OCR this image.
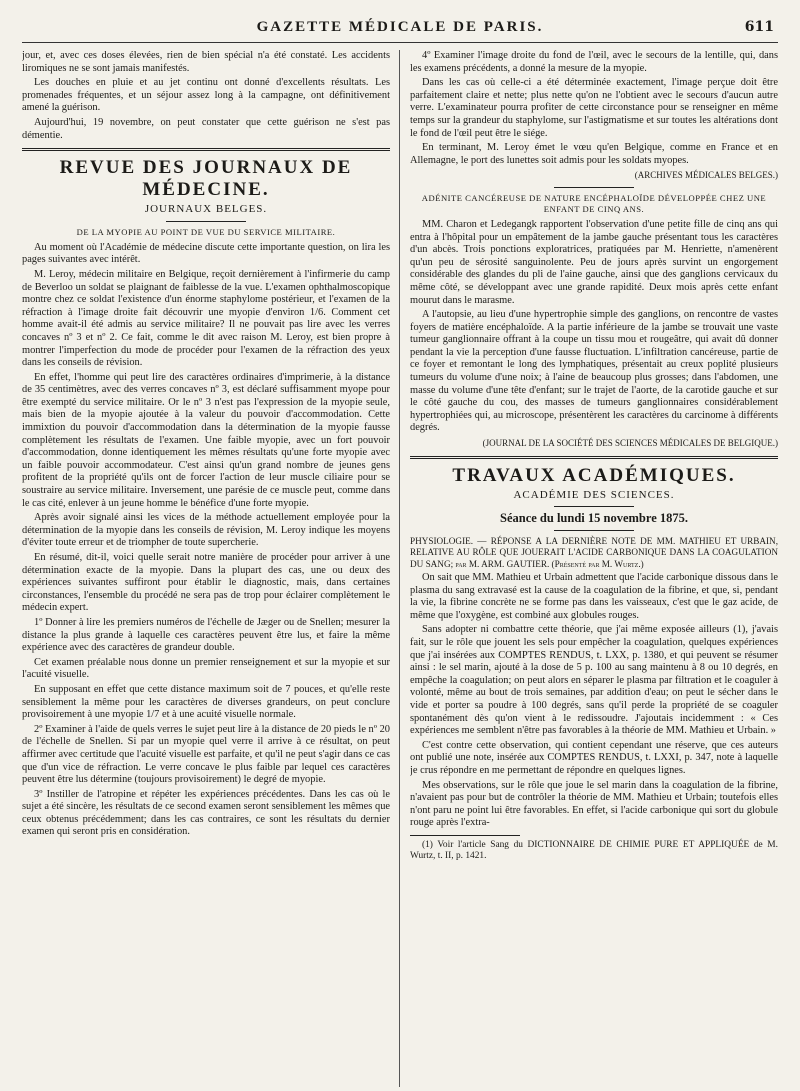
GAZETTE MÉDICALE DE PARIS.	611

jour, et, avec ces doses élevées, rien de bien spécial n'a été constaté. Les accidents liromiques ne se sont jamais manifestés.

Les douches en pluie et au jet continu ont donné d'excellents résultats. Les promenades fréquentes, et un séjour assez long à la campagne, ont définitivement amené la guérison.

Aujourd'hui, 19 novembre, on peut constater que cette guérison ne s'est pas démentie.

REVUE DES JOURNAUX DE MÉDECINE.
JOURNAUX BELGES.
DE LA MYOPIE AU POINT DE VUE DU SERVICE MILITAIRE.

Au moment où l'Académie de médecine discute cette importante question, on lira les pages suivantes avec intérêt.

M. Leroy, médecin militaire en Belgique, reçoit dernièrement à l'infirmerie du camp de Beverloo un soldat se plaignant de faiblesse de la vue. L'examen ophthalmoscopique montre chez ce soldat l'existence d'un énorme staphylome postérieur, et l'examen de la réfraction à l'image droite fait découvrir une myopie d'environ 1/6. Comment cet homme avait-il été admis au service militaire? Il ne pouvait pas lire avec les verres concaves nº 3 et nº 2. Ce fait, comme le dit avec raison M. Leroy, est bien propre à montrer l'imperfection du mode de procéder pour l'examen de la réfraction des yeux dans les conseils de révision.

En effet, l'homme qui peut lire des caractères ordinaires d'imprimerie, à la distance de 35 centimètres, avec des verres concaves nº 3, est déclaré suffisamment myope pour être exempté du service militaire. Or le nº 3 n'est pas l'expression de la myopie seule, mais bien de la myopie ajoutée à la valeur du pouvoir d'accommodation. Cette immixtion du pouvoir d'accommodation dans la détermination de la myopie fausse complètement les résultats de l'examen. Une faible myopie, avec un fort pouvoir d'accommodation, donne identiquement les mêmes résultats qu'une forte myopie avec un faible pouvoir accommodateur. C'est ainsi qu'un grand nombre de jeunes gens profitent de la propriété qu'ils ont de forcer l'action de leur muscle ciliaire pour se soustraire au service militaire. Inversement, une parésie de ce muscle peut, comme dans le cas cité, enlever à un jeune homme le bénéfice d'une forte myopie.

Après avoir signalé ainsi les vices de la méthode actuellement employée pour la détermination de la myopie dans les conseils de révision, M. Leroy indique les moyens d'éviter toute erreur et de triompher de toute supercherie.

En résumé, dit-il, voici quelle serait notre manière de procéder pour arriver à une détermination exacte de la myopie. Dans la plupart des cas, une ou deux des expériences suivantes suffiront pour établir le diagnostic, mais, dans certaines circonstances, l'ensemble du procédé ne sera pas de trop pour éclairer complètement le médecin expert.

1º Donner à lire les premiers numéros de l'échelle de Jæger ou de Snellen; mesurer la distance la plus grande à laquelle ces caractères peuvent être lus, et faire la même expérience avec des caractères de grandeur double.

Cet examen préalable nous donne un premier renseignement et sur la myopie et sur l'acuité visuelle.

En supposant en effet que cette distance maximum soit de 7 pouces, et qu'elle reste sensiblement la même pour les caractères de diverses grandeurs, on peut conclure provisoirement à une myopie 1/7 et à une acuité visuelle normale.

2º Examiner à l'aide de quels verres le sujet peut lire à la distance de 20 pieds le nº 20 de l'échelle de Snellen. Si par un myopie quel verre il arrive à ce résultat, on peut affirmer avec certitude que l'acuité visuelle est parfaite, et qu'il ne peut s'agir dans ce cas que d'un vice de réfraction. Le verre concave le plus faible par lequel ces caractères peuvent être lus détermine (toujours provisoirement) le degré de myopie.

3º Instiller de l'atropine et répéter les expériences précédentes. Dans les cas où le sujet a été sincère, les résultats de ce second examen seront sensiblement les mêmes que ceux obtenus précédemment; dans les cas contraires, ce sont les résultats du dernier examen qui seront pris en considération.

4º Examiner l'image droite du fond de l'œil, avec le secours de la lentille, qui, dans les examens précédents, a donné la mesure de la myopie.

Dans les cas où celle-ci a été déterminée exactement, l'image perçue doit être parfaitement claire et nette; plus nette qu'on ne l'obtient avec le secours d'aucun autre verre. L'examinateur pourra profiter de cette circonstance pour se renseigner en même temps sur la grandeur du staphylome, sur l'astigmatisme et sur toutes les altérations dont le fond de l'œil peut être le siége.

En terminant, M. Leroy émet le vœu qu'en Belgique, comme en France et en Allemagne, le port des lunettes soit admis pour les soldats myopes.

(ARCHIVES MÉDICALES BELGES.)
ADÉNITE CANCÉREUSE DE NATURE ENCÉPHALOÏDE DÉVELOPPÉE CHEZ UNE ENFANT DE CINQ ANS.

MM. Charon et Ledegangk rapportent l'observation d'une petite fille de cinq ans qui entra à l'hôpital pour un empâtement de la jambe gauche présentant tous les caractères d'un abcès. Trois ponctions exploratrices, pratiquées par M. Henriette, n'amenèrent qu'un peu de sérosité sanguinolente. Peu de jours après survint un engorgement considérable des glandes du pli de l'aine gauche, ainsi que des ganglions cervicaux du même côté, se développant avec une grande rapidité. Deux mois après cette enfant mourut dans le marasme.

A l'autopsie, au lieu d'une hypertrophie simple des ganglions, on rencontre de vastes foyers de matière encéphaloïde. A la partie inférieure de la jambe se trouvait une vaste tumeur ganglionnaire offrant à la coupe un tissu mou et rougeâtre, qui avait dû donner pendant la vie la perception d'une fausse fluctuation. L'infiltration cancéreuse, partie de ce foyer et remontant le long des lymphatiques, présentait au creux poplité plusieurs tumeurs du volume d'une noix; à l'aine de beaucoup plus grosses; dans l'abdomen, une masse du volume d'une tête d'enfant; sur le trajet de l'aorte, de la carotide gauche et sur le côté gauche du cou, des masses de tumeurs ganglionnaires considérablement hypertrophiées qui, au microscope, présentèrent les caractères du carcinome à différents degrés.

(JOURNAL DE LA SOCIÉTÉ DES SCIENCES MÉDICALES DE BELGIQUE.)
TRAVAUX ACADÉMIQUES.
ACADÉMIE DES SCIENCES.
Séance du lundi 15 novembre 1875.

PHYSIOLOGIE. — RÉPONSE A LA DERNIÈRE NOTE DE MM. MATHIEU ET URBAIN, RELATIVE AU RÔLE QUE JOUERAIT L'ACIDE CARBONIQUE DANS LA COAGULATION DU SANG; par M. ARM. GAUTIER. (Présenté par M. Wurtz.)

On sait que MM. Mathieu et Urbain admettent que l'acide carbonique dissous dans le plasma du sang extravasé est la cause de la coagulation de la fibrine, et que, si, pendant la vie, la fibrine concrète ne se forme pas dans les vaisseaux, c'est que le gaz acide, de même que l'oxygène, est combiné aux globules rouges.

Sans adopter ni combattre cette théorie, que j'ai même exposée ailleurs (1), j'avais fait, sur le rôle que jouent les sels pour empêcher la coagulation, quelques expériences que j'ai insérées aux COMPTES RENDUS, t. LXX, p. 1380, et qui peuvent se résumer ainsi : le sel marin, ajouté à la dose de 5 p. 100 au sang maintenu à 8 ou 10 degrés, en empêche la coagulation; on peut alors en séparer le plasma par filtration et le coaguler à volonté, même au bout de trois semaines, par addition d'eau; on peut le sécher dans le vide et porter sa poudre à 100 degrés, sans qu'il perde la propriété de se coaguler spontanément dès qu'on vient à le redissoudre. J'ajoutais incidemment : « Ces expériences me semblent n'être pas favorables à la théorie de MM. Mathieu et Urbain. »

C'est contre cette observation, qui contient cependant une réserve, que ces auteurs ont publié une note, insérée aux COMPTES RENDUS, t. LXXI, p. 347, note à laquelle je crus répondre en me permettant de répondre en quelques lignes.

Mes observations, sur le rôle que joue le sel marin dans la coagulation de la fibrine, n'avaient pas pour but de contrôler la théorie de MM. Mathieu et Urbain; toutefois elles n'ont paru ne point lui être favorables. En effet, si l'acide carbonique qui sort du globule rouge après l'extra-

(1) Voir l'article Sang du DICTIONNAIRE DE CHIMIE PURE ET APPLIQUÉE de M. Wurtz, t. II, p. 1421.
